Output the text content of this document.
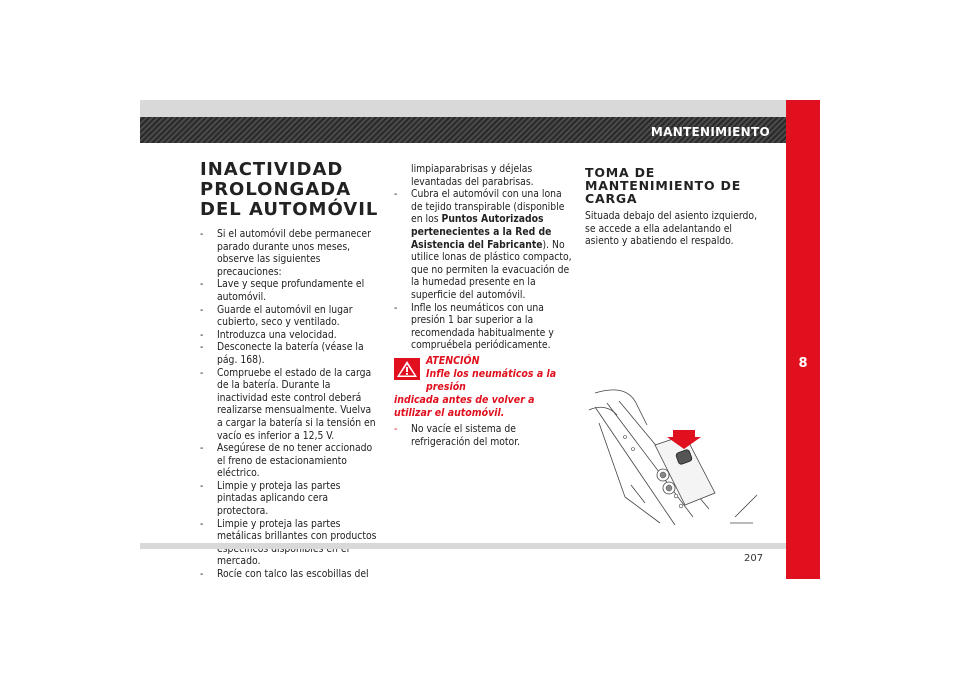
MANTENIMIENTO
8
INACTIVIDAD
PROLONGADA
DEL AUTOMÓVIL
- Si el automóvil debe permanecer parado durante unos meses, observe las siguientes precauciones:
- Lave y seque profundamente el automóvil.
- Guarde el automóvil en lugar cubierto, seco y ventilado.
- Introduzca una velocidad.
- Desconecte la batería (véase la pág. 168).
- Compruebe el estado de la carga de la batería. Durante la inactividad este control deberá realizarse mensualmente. Vuelva a cargar la batería si la tensión en vacío es inferior a 12,5 V.
- Asegúrese de no tener accionado el freno de estacionamiento eléctrico.
- Limpie y proteja las partes pintadas aplicando cera protectora.
- Limpie y proteja las partes metálicas brillantes con productos mercado.
- Rocíe con talco las escobillas del
limpiaparabrisas y déjelas levantadas del parabrisas.
- Cubra el automóvil con una lona de tejido transpirable (disponible en los Puntos Autorizados pertenecientes a la Red de Asistencia del Fabricante). No utilice lonas de plástico compacto, que no permiten la evacuación de la humedad presente en la superficie del automóvil.
- Infle los neumáticos con una presión 1 bar superior a la recomendada habitualmente y compruébela periódicamente.
ATENCIÓN
Infle los neumáticos a la presión
indicada antes de volver a utilizar el automóvil.
- No vacíe el sistema de refrigeración del motor.
TOMA DE
MANTENIMIENTO DE
CARGA
Situada debajo del asiento izquierdo, se accede a ella adelantando el asiento y abatiendo el respaldo.
207
